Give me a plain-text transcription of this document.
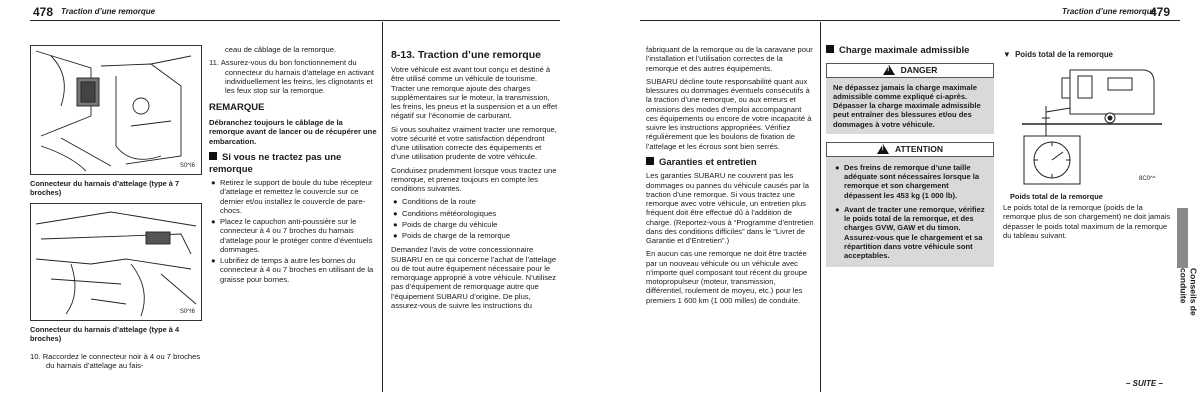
478 Traction d’une remorque
S0^I6
Connecteur du harnais d’attelage (type à 7 broches)
S0^I6
Connecteur du harnais d’attelage (type à 4 broches)
10. Raccordez le connecteur noir à 4 ou 7 broches du harnais d’attelage au fais-

ceau de câblage de la remorque.

11. Assurez-vous du bon fonctionnement du connecteur du harnais d’attelage en activant individuellement les freins, les clignotants et les feux stop sur la remorque.

REMARQUE

Débranchez toujours le câblage de la remorque avant de lancer ou de récupérer une embarcation.

Si vous ne tractez pas une remorque
● Retirez le support de boule du tube récepteur d’attelage et remettez le couvercle sur ce dernier et/ou installez le couvercle de pare-chocs.
● Placez le capuchon anti-poussière sur le connecteur à 4 ou 7 broches du harnais d’attelage pour le protéger contre d’éventuels dommages.
● Lubrifiez de temps à autre les bornes du connecteur à 4 ou 7 broches en utilisant de la graisse pour bornes.
8-13. Traction d’une remorque

Votre véhicule est avant tout conçu et destiné à être utilisé comme un véhicule de tourisme. Tracter une remorque ajoute des charges supplémentaires sur le moteur, la transmission, les freins, les pneus et la suspension et a un effet négatif sur l’économie de carburant.

Si vous souhaitez vraiment tracter une remorque, votre sécurité et votre satisfaction dépendront d’une utilisation correcte des équipements et d’une utilisation prudente de votre véhicule.

Conduisez prudemment lorsque vous tractez une remorque, et prenez toujours en compte les conditions suivantes.

● Conditions de la route
● Conditions météorologiques
● Poids de charge du véhicule
● Poids de charge de la remorque

Demandez l’avis de votre concessionnaire SUBARU en ce qui concerne l’achat de l’attelage ou de tout autre équipement nécessaire pour le remorquage approprié à votre véhicule. N’utilisez pas d’équipement de remorquage autre que l’équipement SUBARU d’origine. De plus, assurez-vous de suivre les instructions du

Traction d’une remorque
479

fabriquant de la remorque ou de la caravane pour l’installation et l’utilisation correctes de la remorque et des autres équipements.

SUBARU décline toute responsabilité quant aux blessures ou dommages éventuels consécutifs à la traction d’une remorque, ou aux erreurs et omissions des modes d’emploi accompagnant ces équipements ou encore de votre incapacité à suivre les instructions appropriées. Vérifiez régulièrement que les boulons de fixation de l’attelage et les écrous sont bien serrés.

Garanties et entretien

Les garanties SUBARU ne couvrent pas les dommages ou pannes du véhicule causés par la traction d’une remorque. Si vous tractez une remorque avec votre véhicule, un entretien plus fréquent doit être effectué dû à l’addition de charge. (Reportez-vous à “Programme d’entretien dans des conditions difficiles” dans le “Livret de Garantie et d’Entretien”.)

En aucun cas une remorque ne doit être tractée par un nouveau véhicule ou un véhicule avec n’importe quel composant tout récent du groupe motopropulseur (moteur, transmission, différentiel, roulement de moyeu, etc.) pour les premiers 1 600 km (1 000 milles) de conduite.

Charge maximale admissible
! DANGER
Ne dépassez jamais la charge maximale admissible comme expliqué ci-après. Dépasser la charge maximale admissible peut entraîner des blessures et/ou des dommages à votre véhicule.
! ATTENTION
● Des freins de remorque d’une taille adéquate sont nécessaires lorsque la remorque et son chargement dépassent les 453 kg (1 000 lb).
● Avant de tracter une remorque, vérifiez le poids total de la remorque, et des charges GVW, GAW et du timon. Assurez-vous que le chargement et sa répartition dans votre véhicule sont acceptables.
▼ Poids total de la remorque
8C0^^
Poids total de la remorque
Le poids total de la remorque (poids de la remorque plus de son chargement) ne doit jamais dépasser le poids total maximum de la remorque du tableau suivant.
Conseils de conduite
– SUITE –
